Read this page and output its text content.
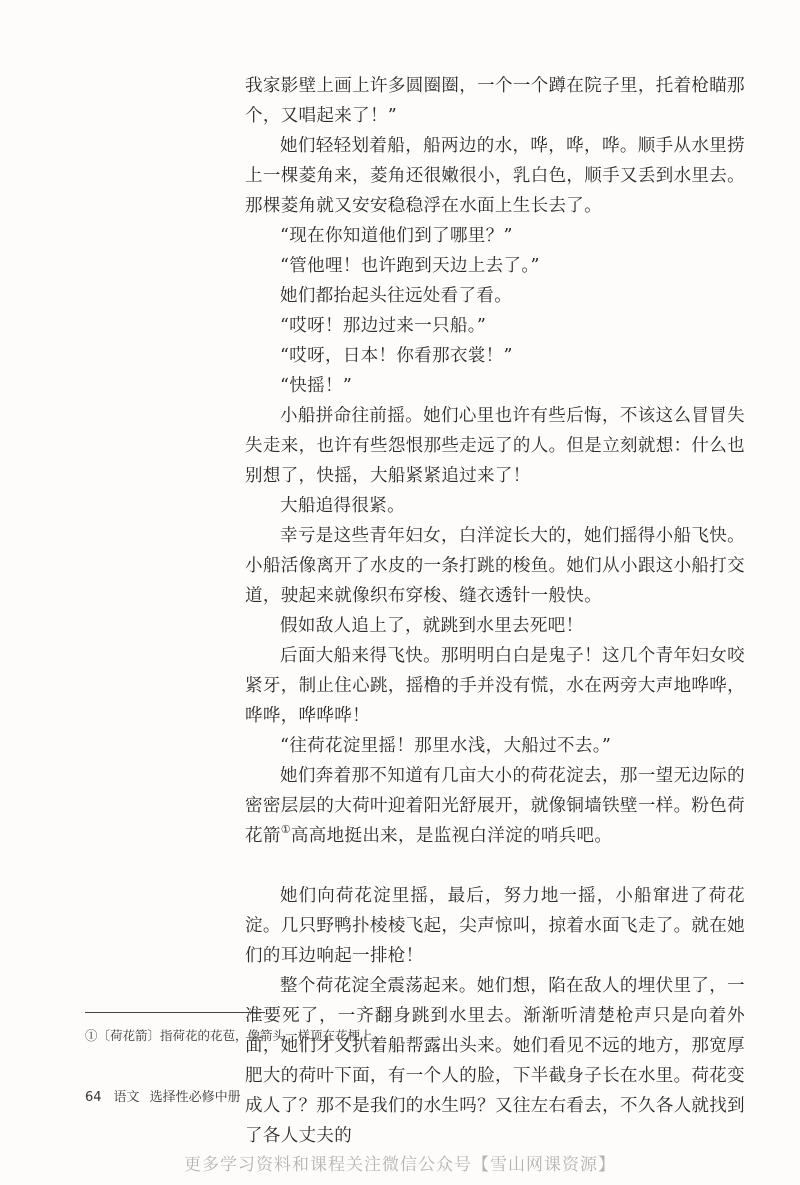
我家影壁上画上许多圆圈圈，一个一个蹲在院子里，托着枪瞄那个，又唱起来了！”

她们轻轻划着船，船两边的水，哗，哗，哗。顺手从水里捞上一棵菱角来，菱角还很嫩很小，乳白色，顺手又丢到水里去。那棵菱角就又安安稳稳浮在水面上生长去了。

“现在你知道他们到了哪里？”

“管他哩！也许跑到天边上去了。”

她们都抬起头往远处看了看。

“哎呀！那边过来一只船。”

“哎呀，日本！你看那衣裳！”

“快摇！”

小船拼命往前摇。她们心里也许有些后悔，不该这么冒冒失失走来，也许有些怨恨那些走远了的人。但是立刻就想：什么也别想了，快摇，大船紧紧追过来了！

大船追得很紧。

幸亏是这些青年妇女，白洋淀长大的，她们摇得小船飞快。小船活像离开了水皮的一条打跳的梭鱼。她们从小跟这小船打交道，驶起来就像织布穿梭、缝衣透针一般快。

假如敌人追上了，就跳到水里去死吧！

后面大船来得飞快。那明明白白是鬼子！这几个青年妇女咬紧牙，制止住心跳，摇橹的手并没有慌，水在两旁大声地哗哗，哗哗，哗哗哗！

“往荷花淀里摇！那里水浅，大船过不去。”

她们奔着那不知道有几亩大小的荷花淀去，那一望无边际的密密层层的大荷叶迎着阳光舒展开，就像铜墙铁壁一样。粉色荷花箭①高高地挺出来，是监视白洋淀的哨兵吧。

她们向荷花淀里摇，最后，努力地一摇，小船窜进了荷花淀。几只野鸭扑棱棱飞起，尖声惊叫，掠着水面飞走了。就在她们的耳边响起一排枪！

整个荷花淀全震荡起来。她们想，陷在敌人的埋伏里了，一准要死了，一齐翻身跳到水里去。渐渐听清楚枪声只是向着外面，她们才又扒着船帮露出头来。她们看见不远的地方，那宽厚肥大的荷叶下面，有一个人的脸，下半截身子长在水里。荷花变成人了？那不是我们的水生吗？又往左右看去，不久各人就找到了各人丈夫的

①〔荷花箭〕指荷花的花苞，像箭头一样顶在花梗上。
64 语文 选择性必修中册
更多学习资料和课程关注微信公众号【雪山网课资源】
